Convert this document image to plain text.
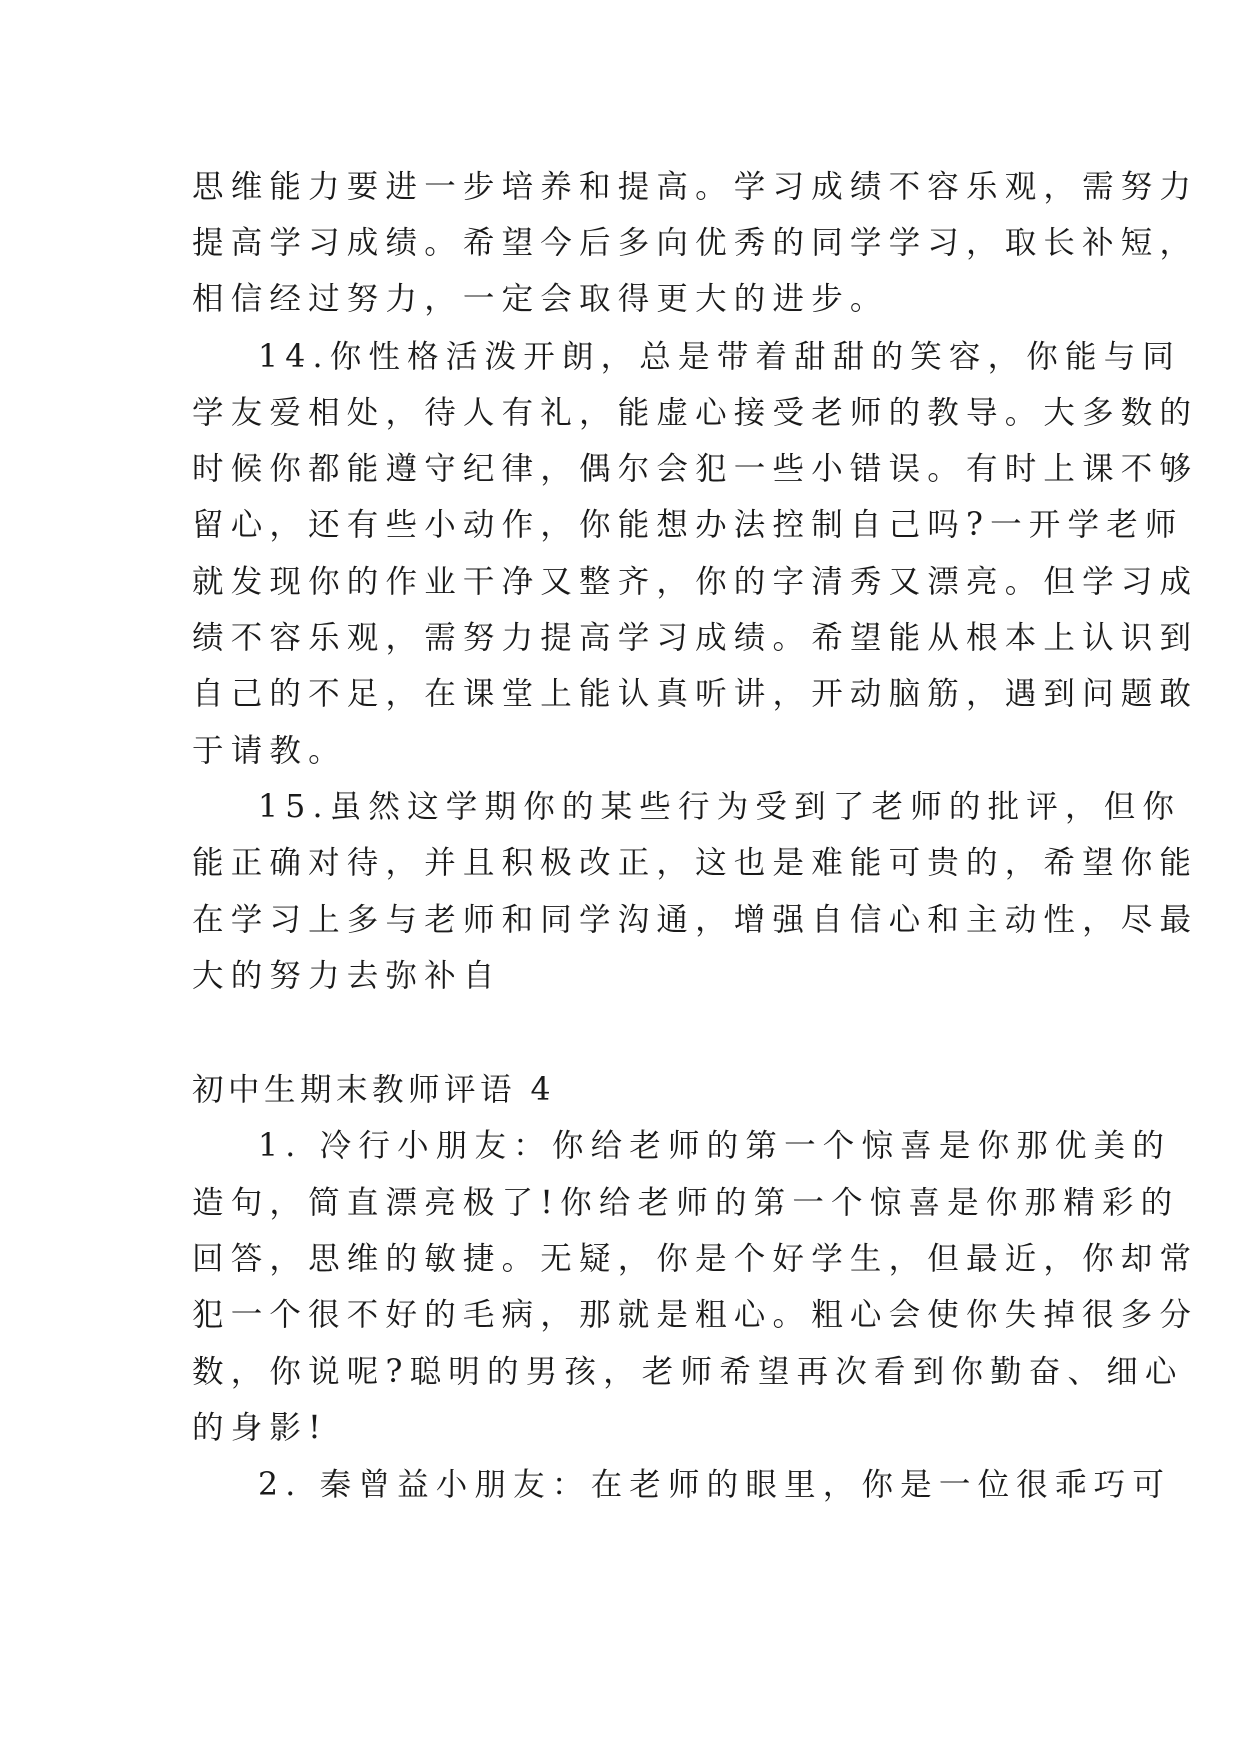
思维能力要进一步培养和提高。学习成绩不容乐观，需努力
提高学习成绩。希望今后多向优秀的同学学习，取长补短，
相信经过努力，一定会取得更大的进步。
14.你性格活泼开朗，总是带着甜甜的笑容，你能与同
学友爱相处，待人有礼，能虚心接受老师的教导。大多数的
时候你都能遵守纪律，偶尔会犯一些小错误。有时上课不够
留心，还有些小动作，你能想办法控制自己吗?一开学老师
就发现你的作业干净又整齐，你的字清秀又漂亮。但学习成
绩不容乐观，需努力提高学习成绩。希望能从根本上认识到
自己的不足，在课堂上能认真听讲，开动脑筋，遇到问题敢
于请教。
15.虽然这学期你的某些行为受到了老师的批评，但你
能正确对待，并且积极改正，这也是难能可贵的，希望你能
在学习上多与老师和同学沟通，增强自信心和主动性，尽最
大的努力去弥补自
初中生期末教师评语 4
1. 冷行小朋友：你给老师的第一个惊喜是你那优美的
造句，简直漂亮极了!你给老师的第一个惊喜是你那精彩的
回答，思维的敏捷。无疑，你是个好学生，但最近，你却常
犯一个很不好的毛病，那就是粗心。粗心会使你失掉很多分
数，你说呢?聪明的男孩，老师希望再次看到你勤奋、细心
的身影!
2. 秦曾益小朋友：在老师的眼里，你是一位很乖巧可
